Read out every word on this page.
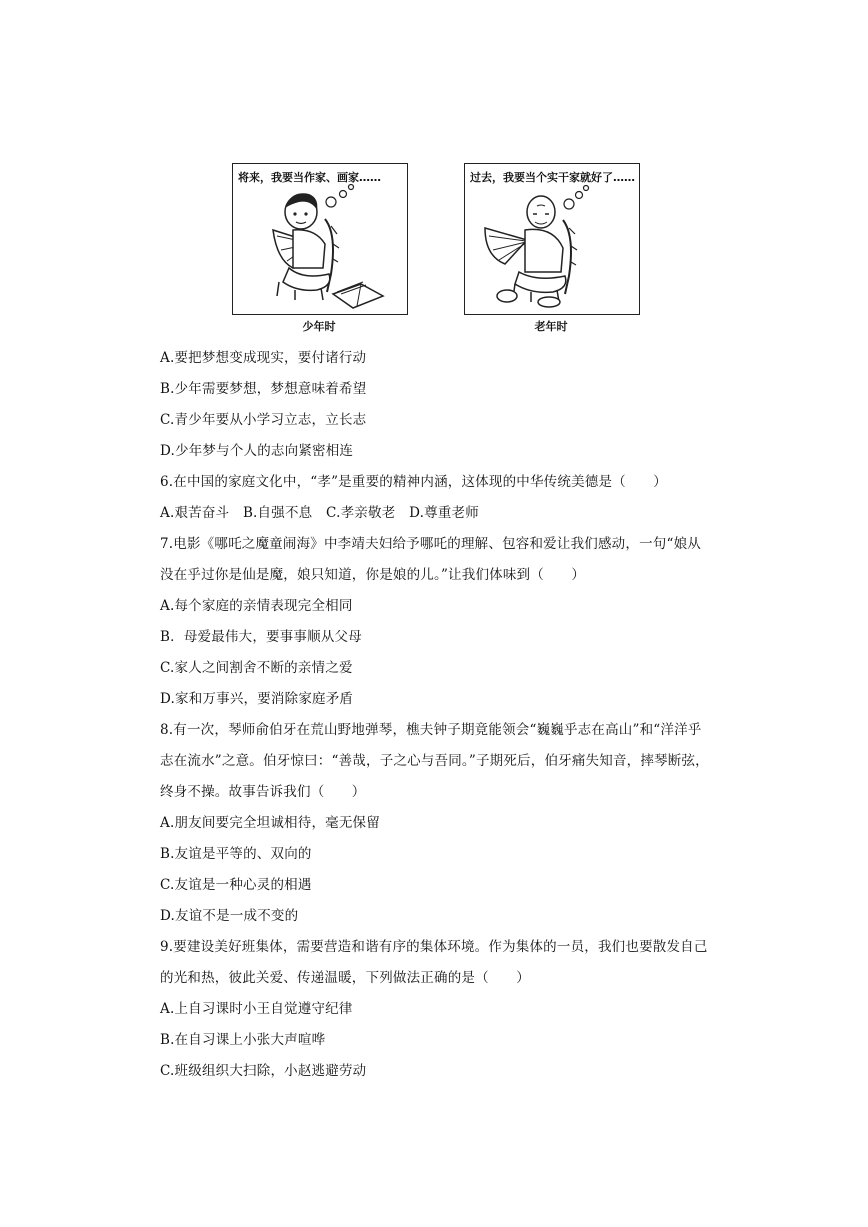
将来，我要当作家、画家……
少年时
过去，我要当个实干家就好了……
老年时
A.要把梦想变成现实，要付诸行动
B.少年需要梦想，梦想意味着希望
C.青少年要从小学习立志，立长志
D.少年梦与个人的志向紧密相连
6.在中国的家庭文化中，“孝”是重要的精神内涵，这体现的中华传统美德是（　　）
A.艰苦奋斗　B.自强不息　C.孝亲敬老　D.尊重老师
7.电影《哪吒之魔童闹海》中李靖夫妇给予哪吒的理解、包容和爱让我们感动，一句“娘从
没在乎过你是仙是魔，娘只知道，你是娘的儿。”让我们体味到（　　）
A.每个家庭的亲情表现完全相同
B．母爱最伟大，要事事顺从父母
C.家人之间割舍不断的亲情之爱
D.家和万事兴，要消除家庭矛盾
8.有一次，琴师俞伯牙在荒山野地弹琴，樵夫钟子期竟能领会“巍巍乎志在高山”和“洋洋乎
志在流水”之意。伯牙惊曰：“善哉，子之心与吾同。”子期死后，伯牙痛失知音，摔琴断弦，
终身不操。故事告诉我们（　　）
A.朋友间要完全坦诚相待，毫无保留
B.友谊是平等的、双向的
C.友谊是一种心灵的相遇
D.友谊不是一成不变的
9.要建设美好班集体，需要营造和谐有序的集体环境。作为集体的一员，我们也要散发自己
的光和热，彼此关爱、传递温暖，下列做法正确的是（　　）
A.上自习课时小王自觉遵守纪律
B.在自习课上小张大声喧哗
C.班级组织大扫除，小赵逃避劳动
